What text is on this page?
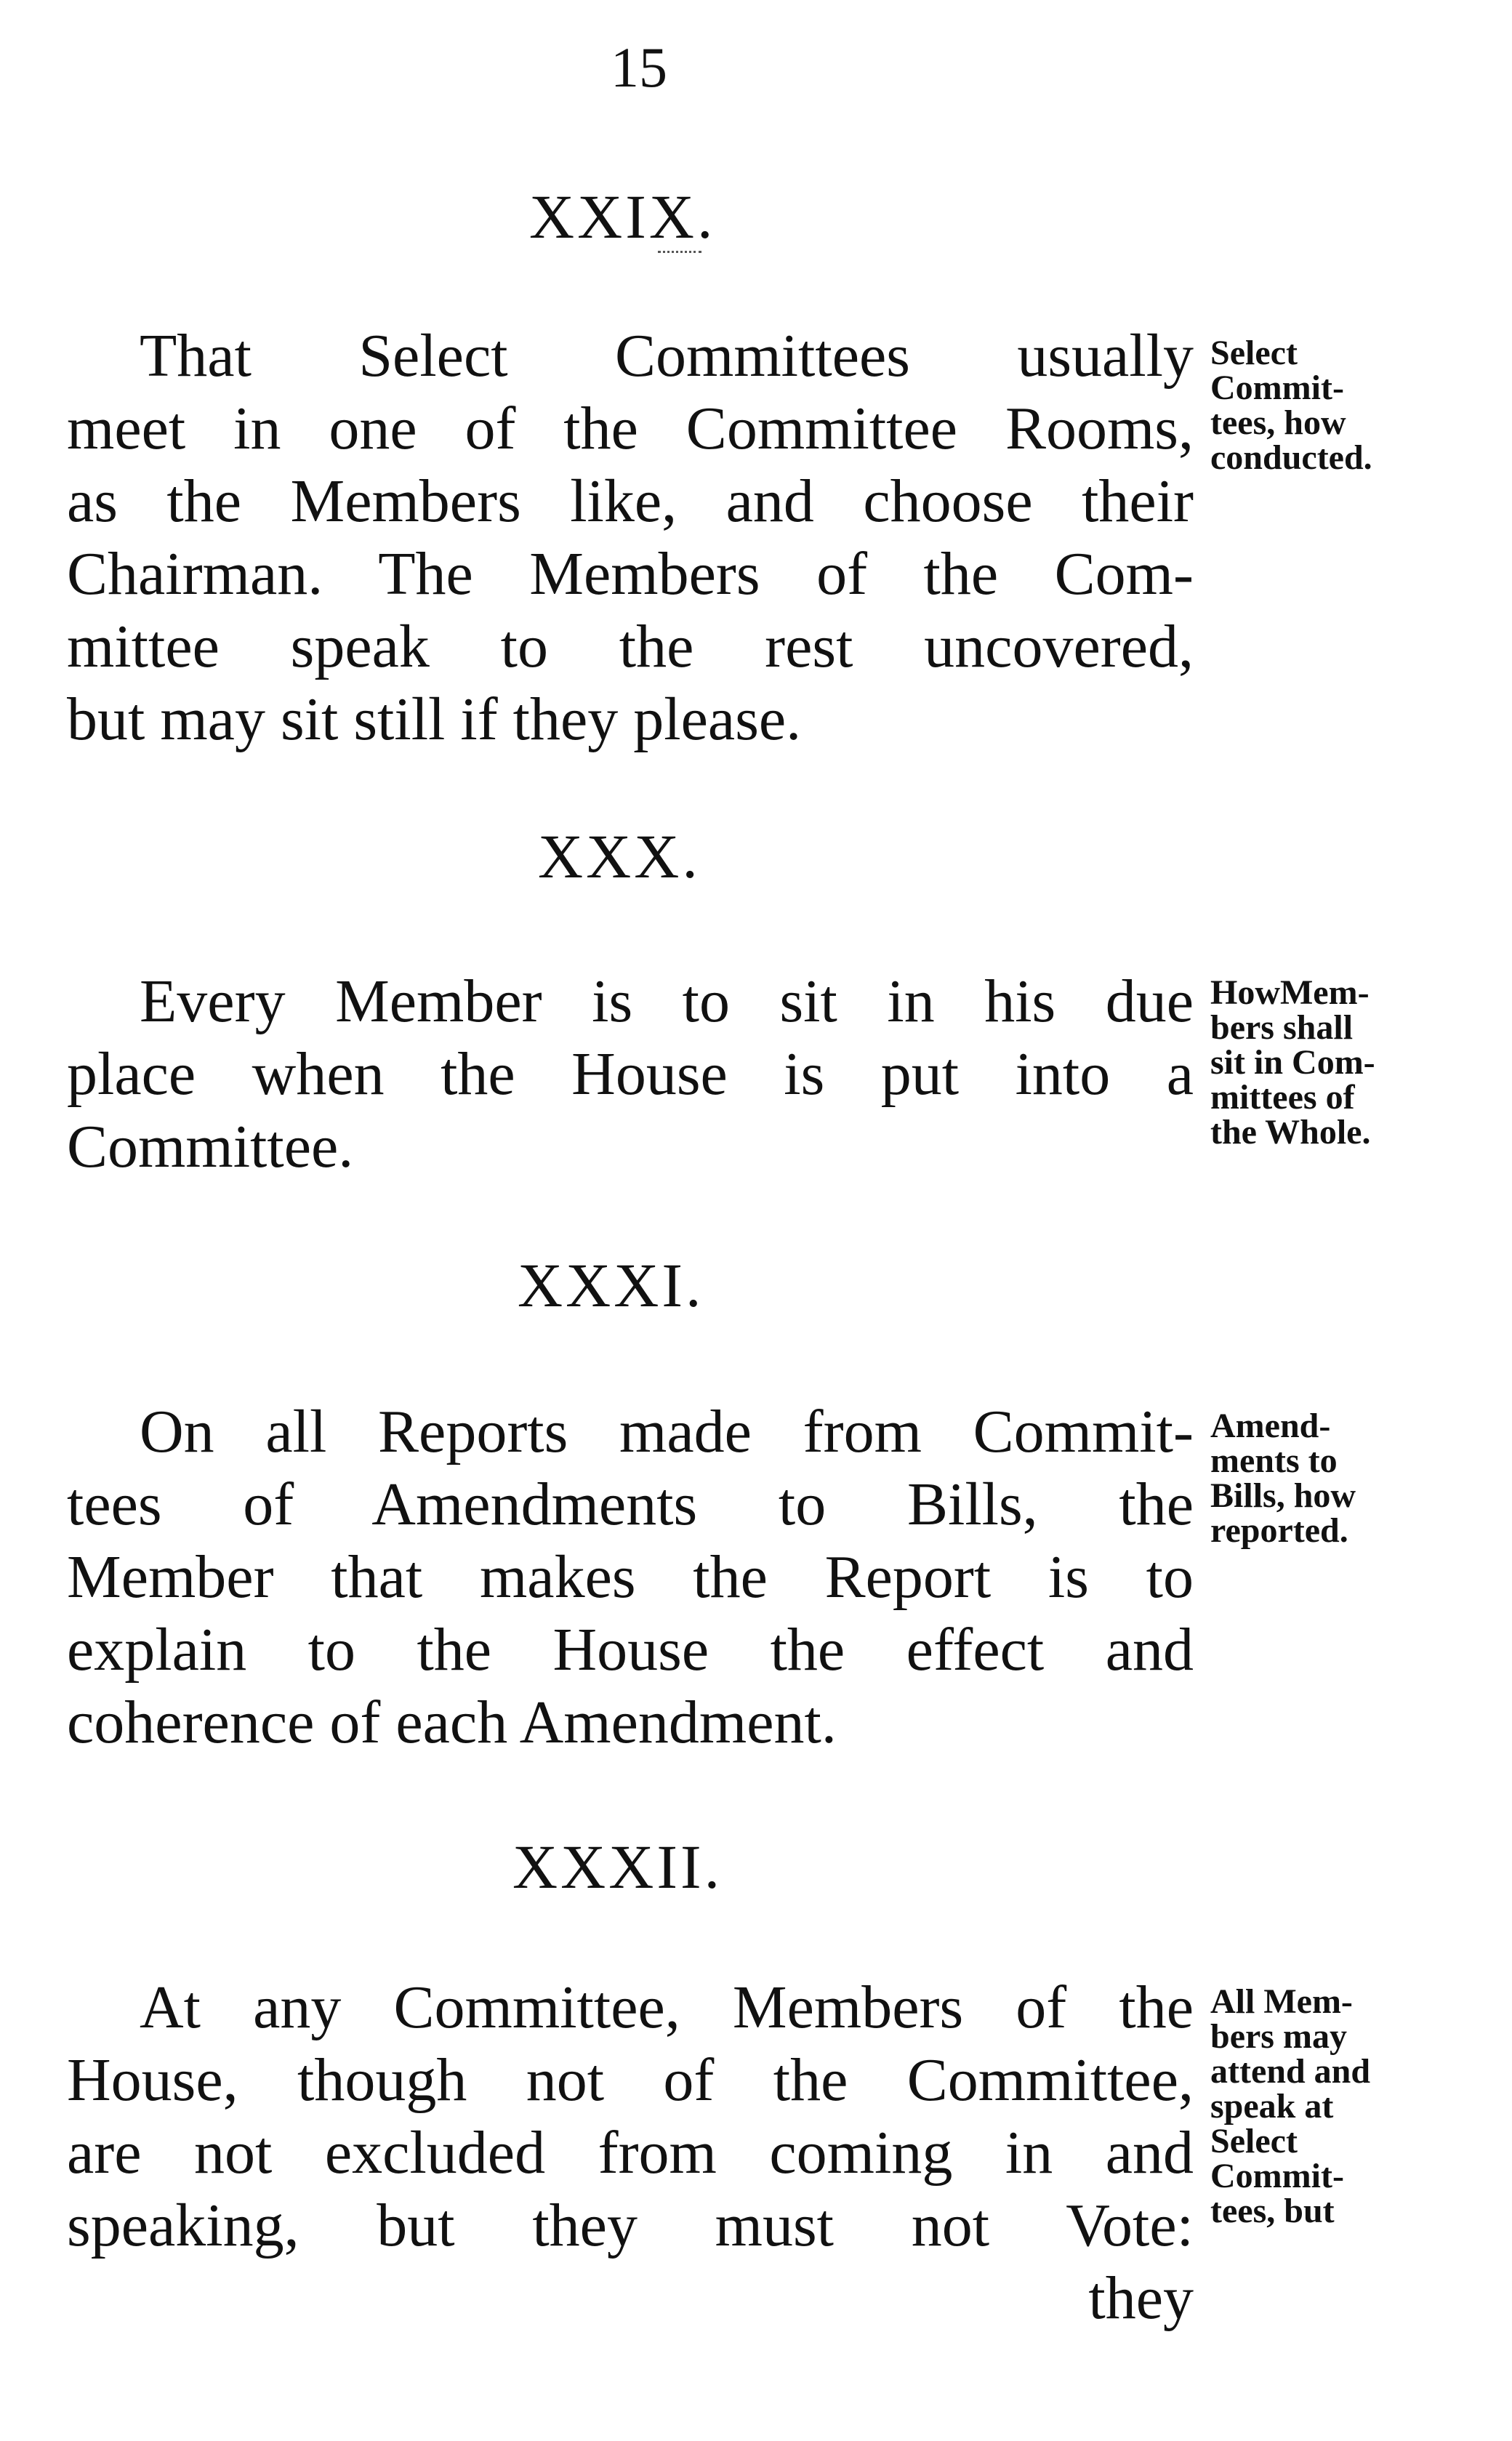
15
XXIX.
That Select Committees usually
meet in one of the Committee Rooms,
as the Members like, and choose their
Chairman. The Members of the Com-
mittee speak to the rest uncovered,
but may sit still if they please.
Select
Commit-
tees, how
conducted.
XXX.
Every Member is to sit in his due
place when the House is put into a
Committee.
HowMem-
bers shall
sit in Com-
mittees of
the Whole.
XXXI.
On all Reports made from Commit-
tees of Amendments to Bills, the
Member that makes the Report is to
explain to the House the effect and
coherence of each Amendment.
Amend-
ments to
Bills, how
reported.
XXXII.
At any Committee, Members of the
House, though not of the Committee,
are not excluded from coming in and
speaking, but they must not Vote:
they
All Mem-
bers may
attend and
speak at
Select
Commit-
tees, but
